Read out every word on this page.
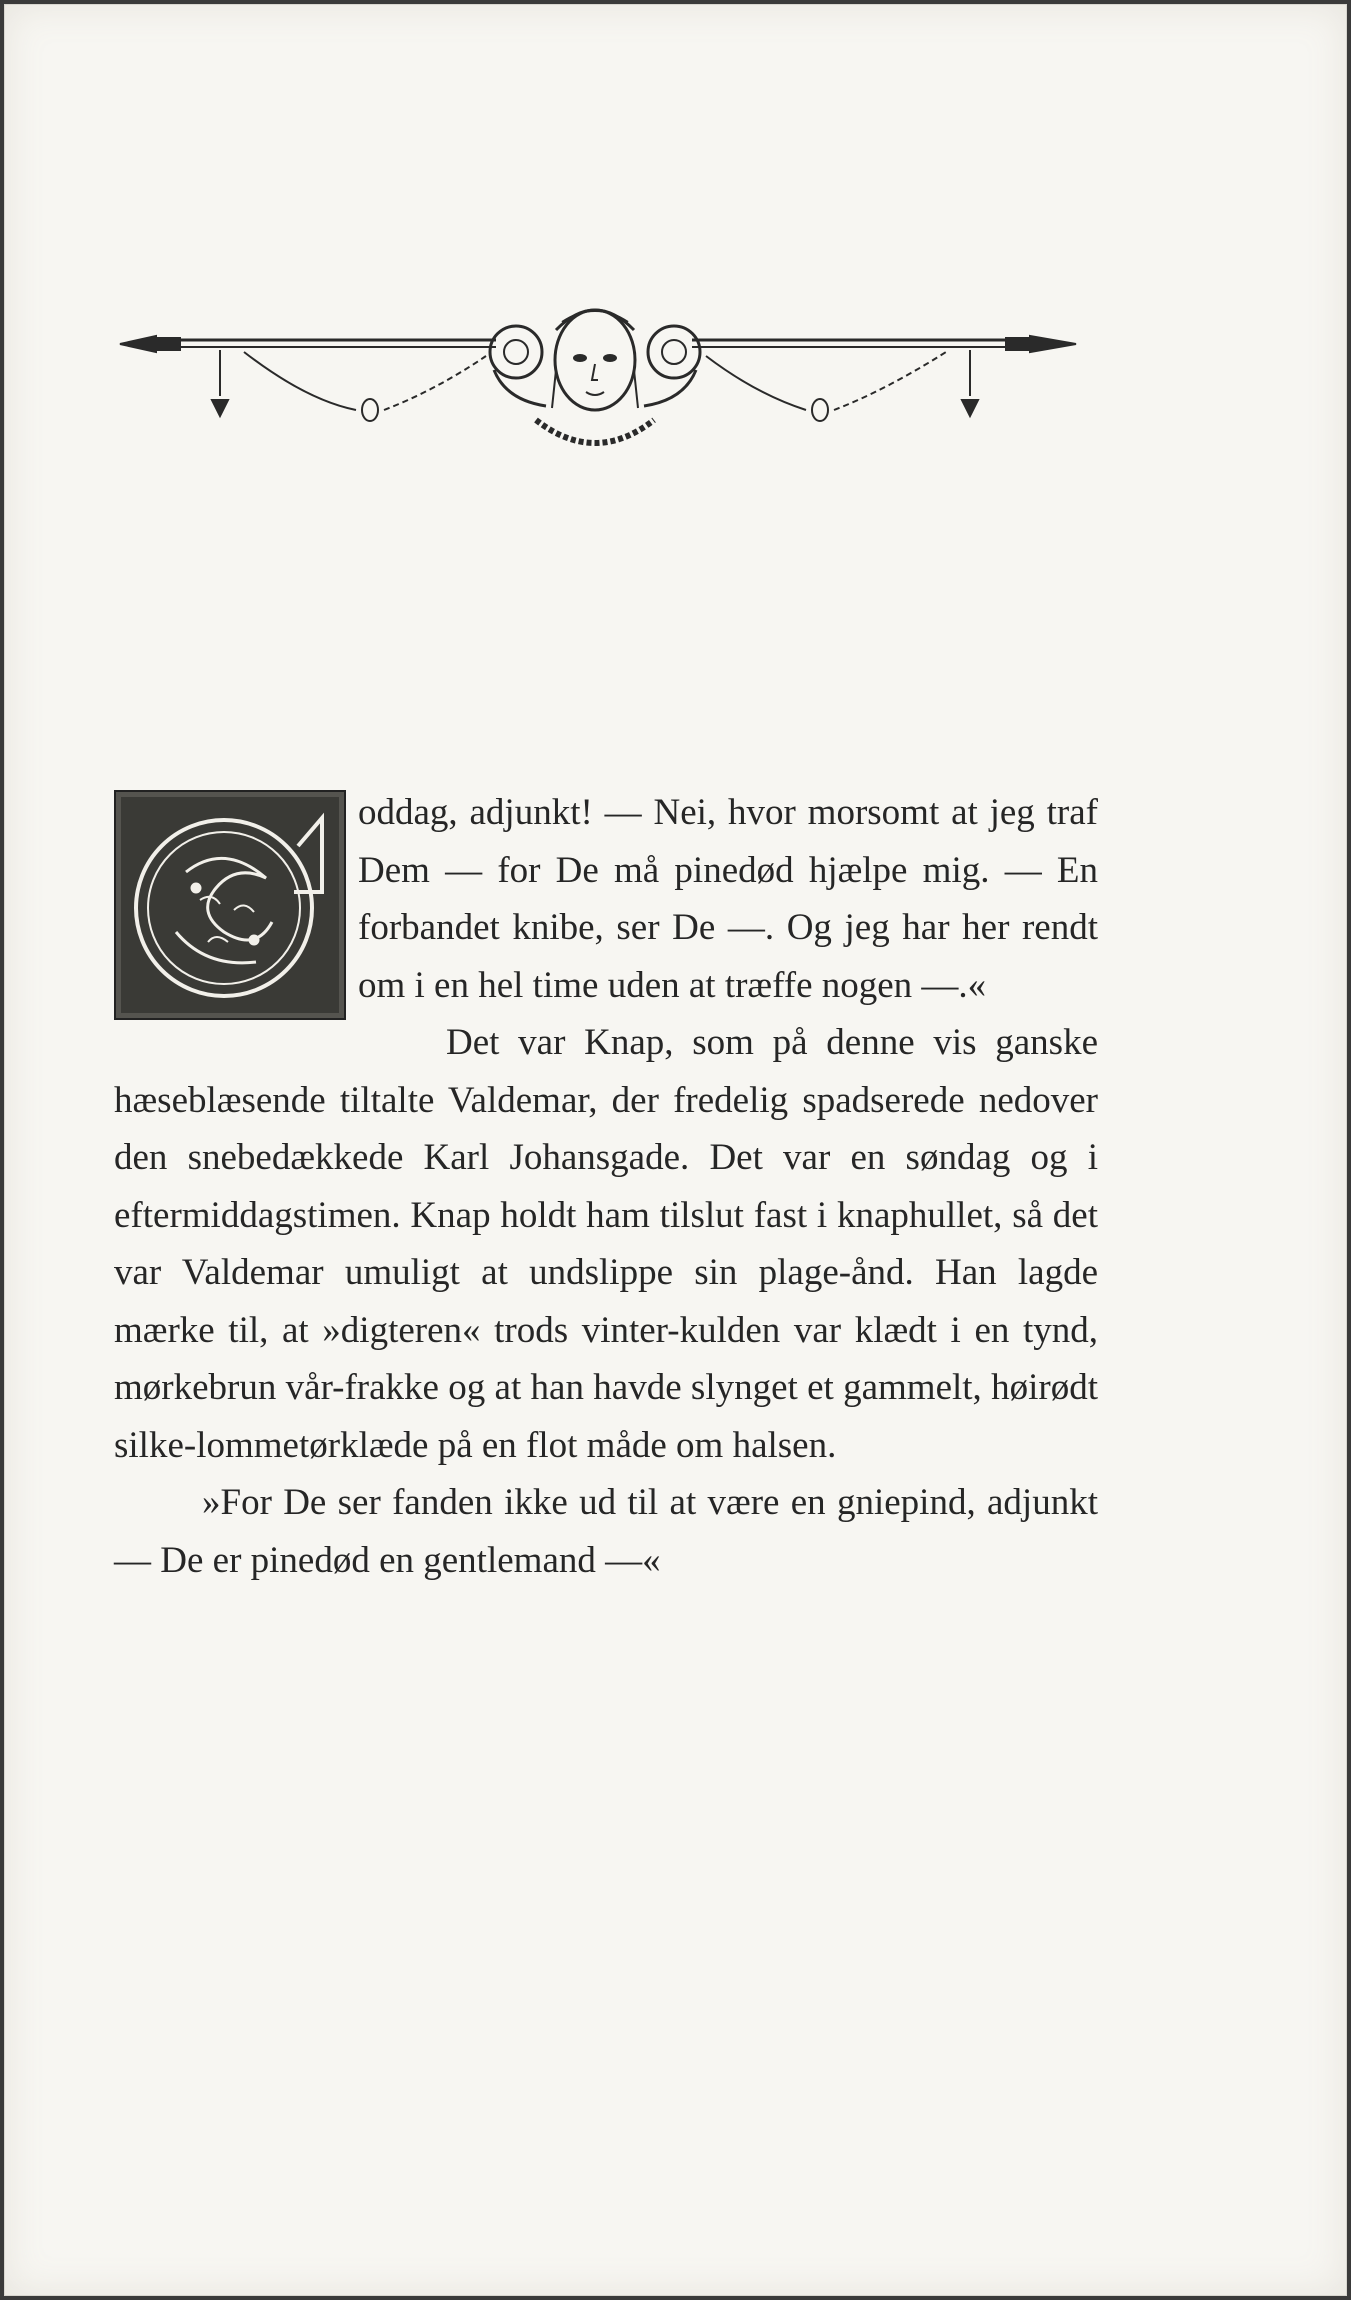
oddag, adjunkt! — Nei, hvor morsomt at jeg traf Dem — for De må pinedød hjælpe mig. — En forbandet knibe, ser De —. Og jeg har her rendt om i en hel time uden at træffe nogen —.«

Det var Knap, som på denne vis ganske hæseblæsende tiltalte Valdemar, der fredelig spadserede nedover den snebedækkede Karl Johansgade. Det var en søndag og i eftermiddagstimen. Knap holdt ham tilslut fast i knaphullet, så det var Valdemar umuligt at undslippe sin plage-ånd. Han lagde mærke til, at »digteren« trods vinter-kulden var klædt i en tynd, mørkebrun vår-frakke og at han havde slynget et gammelt, høirødt silke-lommetørklæde på en flot måde om halsen.

»For De ser fanden ikke ud til at være en gniepind, adjunkt — De er pinedød en gentlemand —«
